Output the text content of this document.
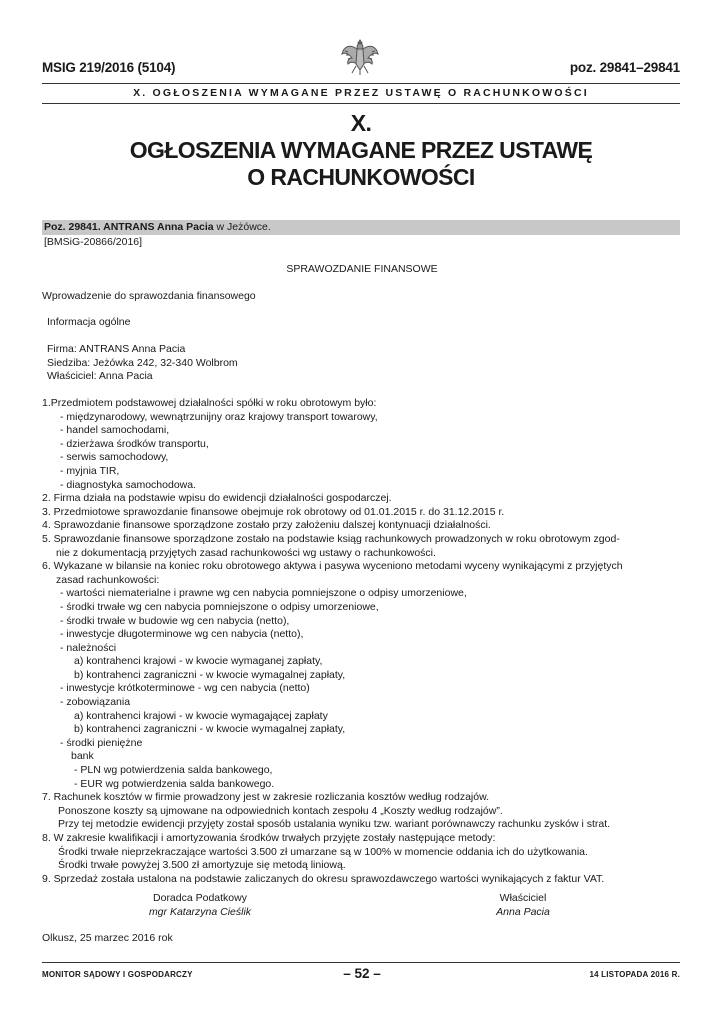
MSIG 219/2016 (5104)	poz. 29841–29841
X. OGŁOSZENIA WYMAGANE PRZEZ USTAWĘ O RACHUNKOWOŚCI
X.
OGŁOSZENIA WYMAGANE PRZEZ USTAWĘ
O RACHUNKOWOŚCI
Poz. 29841. ANTRANS Anna Pacia w Jeżówce.
[BMSiG-20866/2016]
SPRAWOZDANIE FINANSOWE
Wprowadzenie do sprawozdania finansowego
Informacja ogólne
Firma: ANTRANS Anna Pacia
Siedziba: Jeżówka 242, 32-340 Wolbrom
Właściciel: Anna Pacia
1.Przedmiotem podstawowej działalności spółki w roku obrotowym było:
- międzynarodowy, wewnątrzunijny oraz krajowy transport towarowy,
- handel samochodami,
- dzierżawa środków transportu,
- serwis samochodowy,
- myjnia TIR,
- diagnostyka samochodowa.
2. Firma działa na podstawie wpisu do ewidencji działalności gospodarczej.
3. Przedmiotowe sprawozdanie finansowe obejmuje rok obrotowy od 01.01.2015 r. do 31.12.2015 r.
4. Sprawozdanie finansowe sporządzone zostało przy założeniu dalszej kontynuacji działalności.
5. Sprawozdanie finansowe sporządzone zostało na podstawie ksiąg rachunkowych prowadzonych w roku obrotowym zgod-
nie z dokumentacją przyjętych zasad rachunkowości wg ustawy o rachunkowości.
6. Wykazane w bilansie na koniec roku obrotowego aktywa i pasywa wyceniono metodami wyceny wynikającymi z przyjętych
zasad rachunkowości:
- wartości niematerialne i prawne wg cen nabycia pomniejszone o odpisy umorzeniowe,
- środki trwałe wg cen nabycia pomniejszone o odpisy umorzeniowe,
- środki trwałe w budowie wg cen nabycia (netto),
- inwestycje długoterminowe wg cen nabycia (netto),
- należności
a) kontrahenci krajowi - w kwocie wymaganej zapłaty,
b) kontrahenci zagraniczni - w kwocie wymagalnej zapłaty,
- inwestycje krótkoterminowe - wg cen nabycia (netto)
- zobowiązania
a) kontrahenci krajowi - w kwocie wymagającej zapłaty
b) kontrahenci zagraniczni - w kwocie wymagalnej zapłaty,
- środki pieniężne
bank
- PLN wg potwierdzenia salda bankowego,
- EUR wg potwierdzenia salda bankowego.
7. Rachunek kosztów w firmie prowadzony jest w zakresie rozliczania kosztów według rodzajów.
Ponoszone koszty są ujmowane na odpowiednich kontach zespołu 4 „Koszty według rodzajów”.
Przy tej metodzie ewidencji przyjęty został sposób ustalania wyniku tzw. wariant porównawczy rachunku zysków i strat.
8. W zakresie kwalifikacji i amortyzowania środków trwałych przyjęte zostały następujące metody:
Środki trwałe nieprzekraczające wartości 3.500 zł umarzane są w 100% w momencie oddania ich do użytkowania.
Środki trwałe powyżej 3.500 zł amortyzuje się metodą liniową.
9. Sprzedaż została ustalona na podstawie zaliczanych do okresu sprawozdawczego wartości wynikających z faktur VAT.
Doradca Podatkowy
mgr Katarzyna Cieślik
Właściciel
Anna Pacia
Olkusz, 25 marzec 2016 rok
MONITOR SĄDOWY I GOSPODARCZY	– 52 –	14 LISTOPADA 2016 R.
